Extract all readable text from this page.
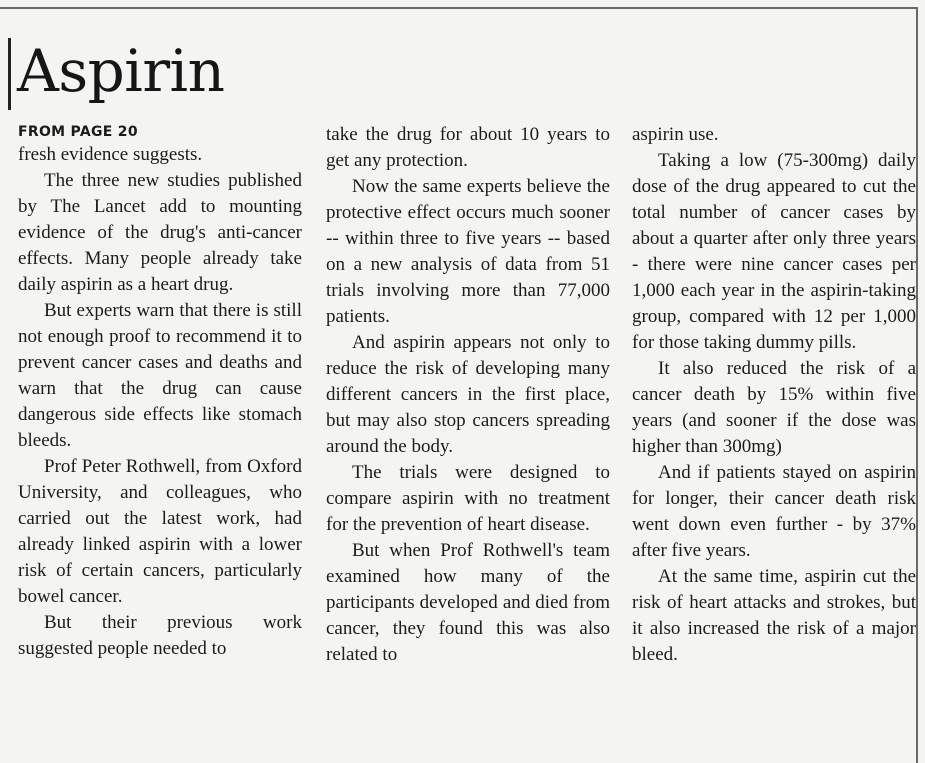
Aspirin
FROM PAGE 20

fresh evidence suggests.

The three new studies published by The Lancet add to mounting evidence of the drug's anti-cancer effects. Many people already take daily aspirin as a heart drug.

But experts warn that there is still not enough proof to recommend it to prevent cancer cases and deaths and warn that the drug can cause dangerous side effects like stomach bleeds.

Prof Peter Rothwell, from Oxford University, and colleagues, who carried out the latest work, had already linked aspirin with a lower risk of certain cancers, particularly bowel cancer.

But their previous work suggested people needed to

take the drug for about 10 years to get any protection.

Now the same experts believe the protective effect occurs much sooner -- within three to five years -- based on a new analysis of data from 51 trials involving more than 77,000 patients.

And aspirin appears not only to reduce the risk of developing many different cancers in the first place, but may also stop cancers spreading around the body.

The trials were designed to compare aspirin with no treatment for the prevention of heart disease.

But when Prof Rothwell's team examined how many of the participants developed and died from cancer, they found this was also related to

aspirin use.

Taking a low (75-300mg) daily dose of the drug appeared to cut the total number of cancer cases by about a quarter after only three years - there were nine cancer cases per 1,000 each year in the aspirin-taking group, compared with 12 per 1,000 for those taking dummy pills.

It also reduced the risk of a cancer death by 15% within five years (and sooner if the dose was higher than 300mg)

And if patients stayed on aspirin for longer, their cancer death risk went down even further - by 37% after five years.

At the same time, aspirin cut the risk of heart attacks and strokes, but it also increased the risk of a major bleed.
